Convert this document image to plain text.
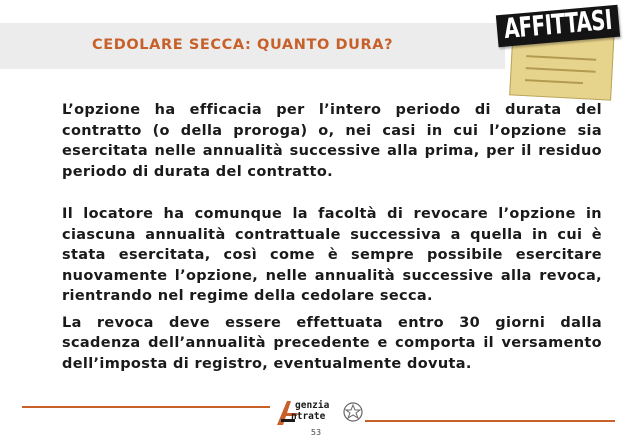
CEDOLARE SECCA: QUANTO DURA?	AFFITTASI

L’opzione ha efficacia per l’intero periodo di durata del contratto (o della proroga) o, nei casi in cui l’opzione sia esercitata nelle annualità successive alla prima, per il residuo periodo di durata del contratto.

Il locatore ha comunque la facoltà di revocare l’opzione in ciascuna annualità contrattuale successiva a quella in cui è stata esercitata, così come è sempre possibile esercitare nuovamente l’opzione, nelle annualità successive alla revoca, rientrando nel regime della cedolare secca.

La revoca deve essere effettuata entro 30 giorni dalla scadenza dell’annualità precedente e comporta il versamento dell’imposta di registro, eventualmente dovuta.

genzia
ntrate
53
